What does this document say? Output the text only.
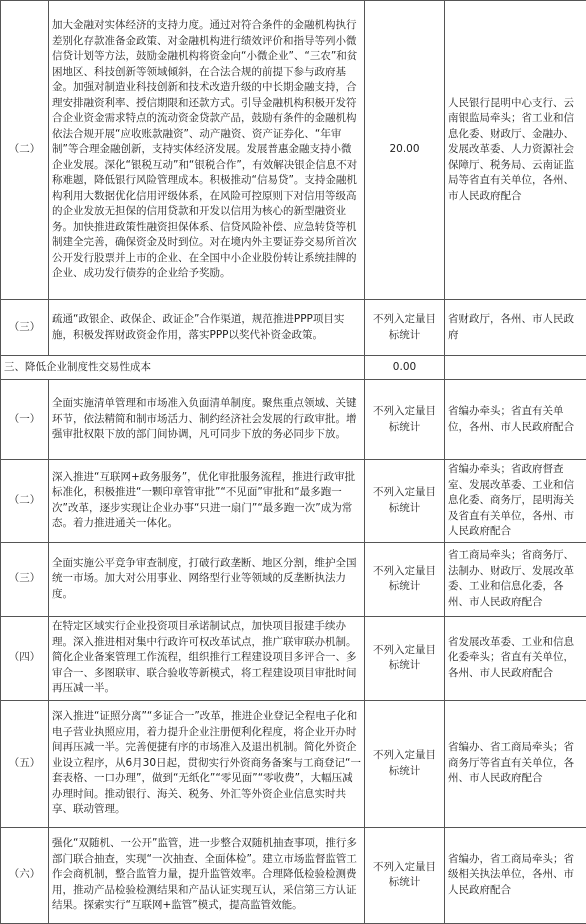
（二）	加大金融对实体经济的支持力度。通过对符合条件的金融机构执行差别化存款准备金政策、对金融机构进行绩效评价和指导等列小微信贷计划等方法，鼓励金融机构将资金向“小微企业”、“三农”和贫困地区、科技创新等领域倾斜，在合法合规的前提下参与政府基金。加强对制造业科技创新和技术改造升级的中长期金融支持，合理安排融资利率、授信期限和还款方式。引导金融机构积极开发符合企业资金需求特点的流动资金贷款产品，鼓励有条件的金融机构依法合规开展“应收账款融资”、动产融资、资产证券化、“年审制”等合理金融创新，支持实体经济发展。发展普惠金融支持小微企业发展。深化“银税互动”和“银税合作”，有效解决银企信息不对称难题，降低银行风险管理成本。积极推动“信易贷”。支持金融机构利用大数据优化信用评级体系，在风险可控原则下对信用等级高的企业发放无担保的信用贷款和开发以信用为核心的新型融资业务。加快推进政策性融资担保体系、信贷风险补偿、应急转贷等机制建全完善，确保资金及时到位。对在境内外主要证券交易所首次公开发行股票并上市的企业、在全国中小企业股份转让系统挂牌的企业、成功发行债券的企业给予奖励。	20.00	人民银行昆明中心支行、云南银监局牵头；省工业和信息化委、财政厅、金融办、发展改革委、人力资源社会保障厅、税务局、云南证监局等省直有关单位，各州、市人民政府配合
（三）	疏通“政银企、政保企、政证企”合作渠道，规范推进PPP项目实施，积极发挥财政资金作用，落实PPP以奖代补资金政策。	不列入定量目标统计	省财政厅，各州、市人民政府
三、降低企业制度性交易性成本		0.00	
（一）	全面实施清单管理和市场准入负面清单制度。聚焦重点领域、关键环节，依法精简和制市场活力、制约经济社会发展的行政审批。增强审批权限下放的部门间协调，凡可同步下放的务必同步下放。	不列入定量目标统计	省编办牵头；省直有关单位，各州、市人民政府配合
（二）	深入推进“互联网+政务服务”，优化审批服务流程，推进行政审批标准化，积极推进“一颗印章管审批”“不见面”审批和“最多跑一次”改革，逐步实现让企业办事“只进一扇门”“最多跑一次”成为常态。着力推进通关一体化。	不列入定量目标统计	省编办牵头；省政府督查室、发展改革委、工业和信息化委、商务厅，昆明海关及省直有关单位，各州、市人民政府配合
（三）	全面实施公平竞争审查制度，打破行政垄断、地区分割，维护全国统一市场。加大对公用事业、网络型行业等领域的反垄断执法力度。	不列入定量目标统计	省工商局牵头；省商务厅、法制办、财政厅、发展改革委、工业和信息化委，各州、市人民政府配合
（四）	在特定区域实行企业投资项目承诺制试点，加快项目报建手续办理。深入推进相对集中行政许可权改革试点，推广联审联办机制。简化企业备案管理工作流程，组织推行工程建设项目多评合一、多审合一、多图联审、联合验收等新模式，将工程建设项目审批时间再压减一半。	不列入定量目标统计	省发展改革委、工业和信息化委牵头；省直有关单位，各州、市人民政府配合
（五）	深入推进“证照分离”“多证合一”改革，推进企业登记全程电子化和电子营业执照应用，着力提升企业注册便利化程度，将企业开办时间再压减一半。完善便捷有序的市场准入及退出机制。简化外资企业设立程序，从6月30日起，贯彻实行外资商务备案与工商登记“一套表格、一口办理”，做到“无纸化”“零见面”“零收费”，大幅压减办理时间。推动银行、海关、税务、外汇等外资企业信息实时共享、联动管理。	不列入定量目标统计	省编办、省工商局牵头；省商务厅等省直有关单位，各州、市人民政府配合
（六）	强化“双随机、一公开”监管，进一步整合双随机抽查事项，推行多部门联合抽查，实现“一次抽查、全面体检”。建立市场监督监管工作会商机制，整合监管力量，提升监管效率。合理降低检验检测费用，推动产品检验检测结果和产品认证实现互认，采信第三方认证结果。探索实行“互联网+监管”模式，提高监管效能。	不列入定量目标统计	省编办，省工商局牵头；省级相关执法单位，各州、市人民政府配合
